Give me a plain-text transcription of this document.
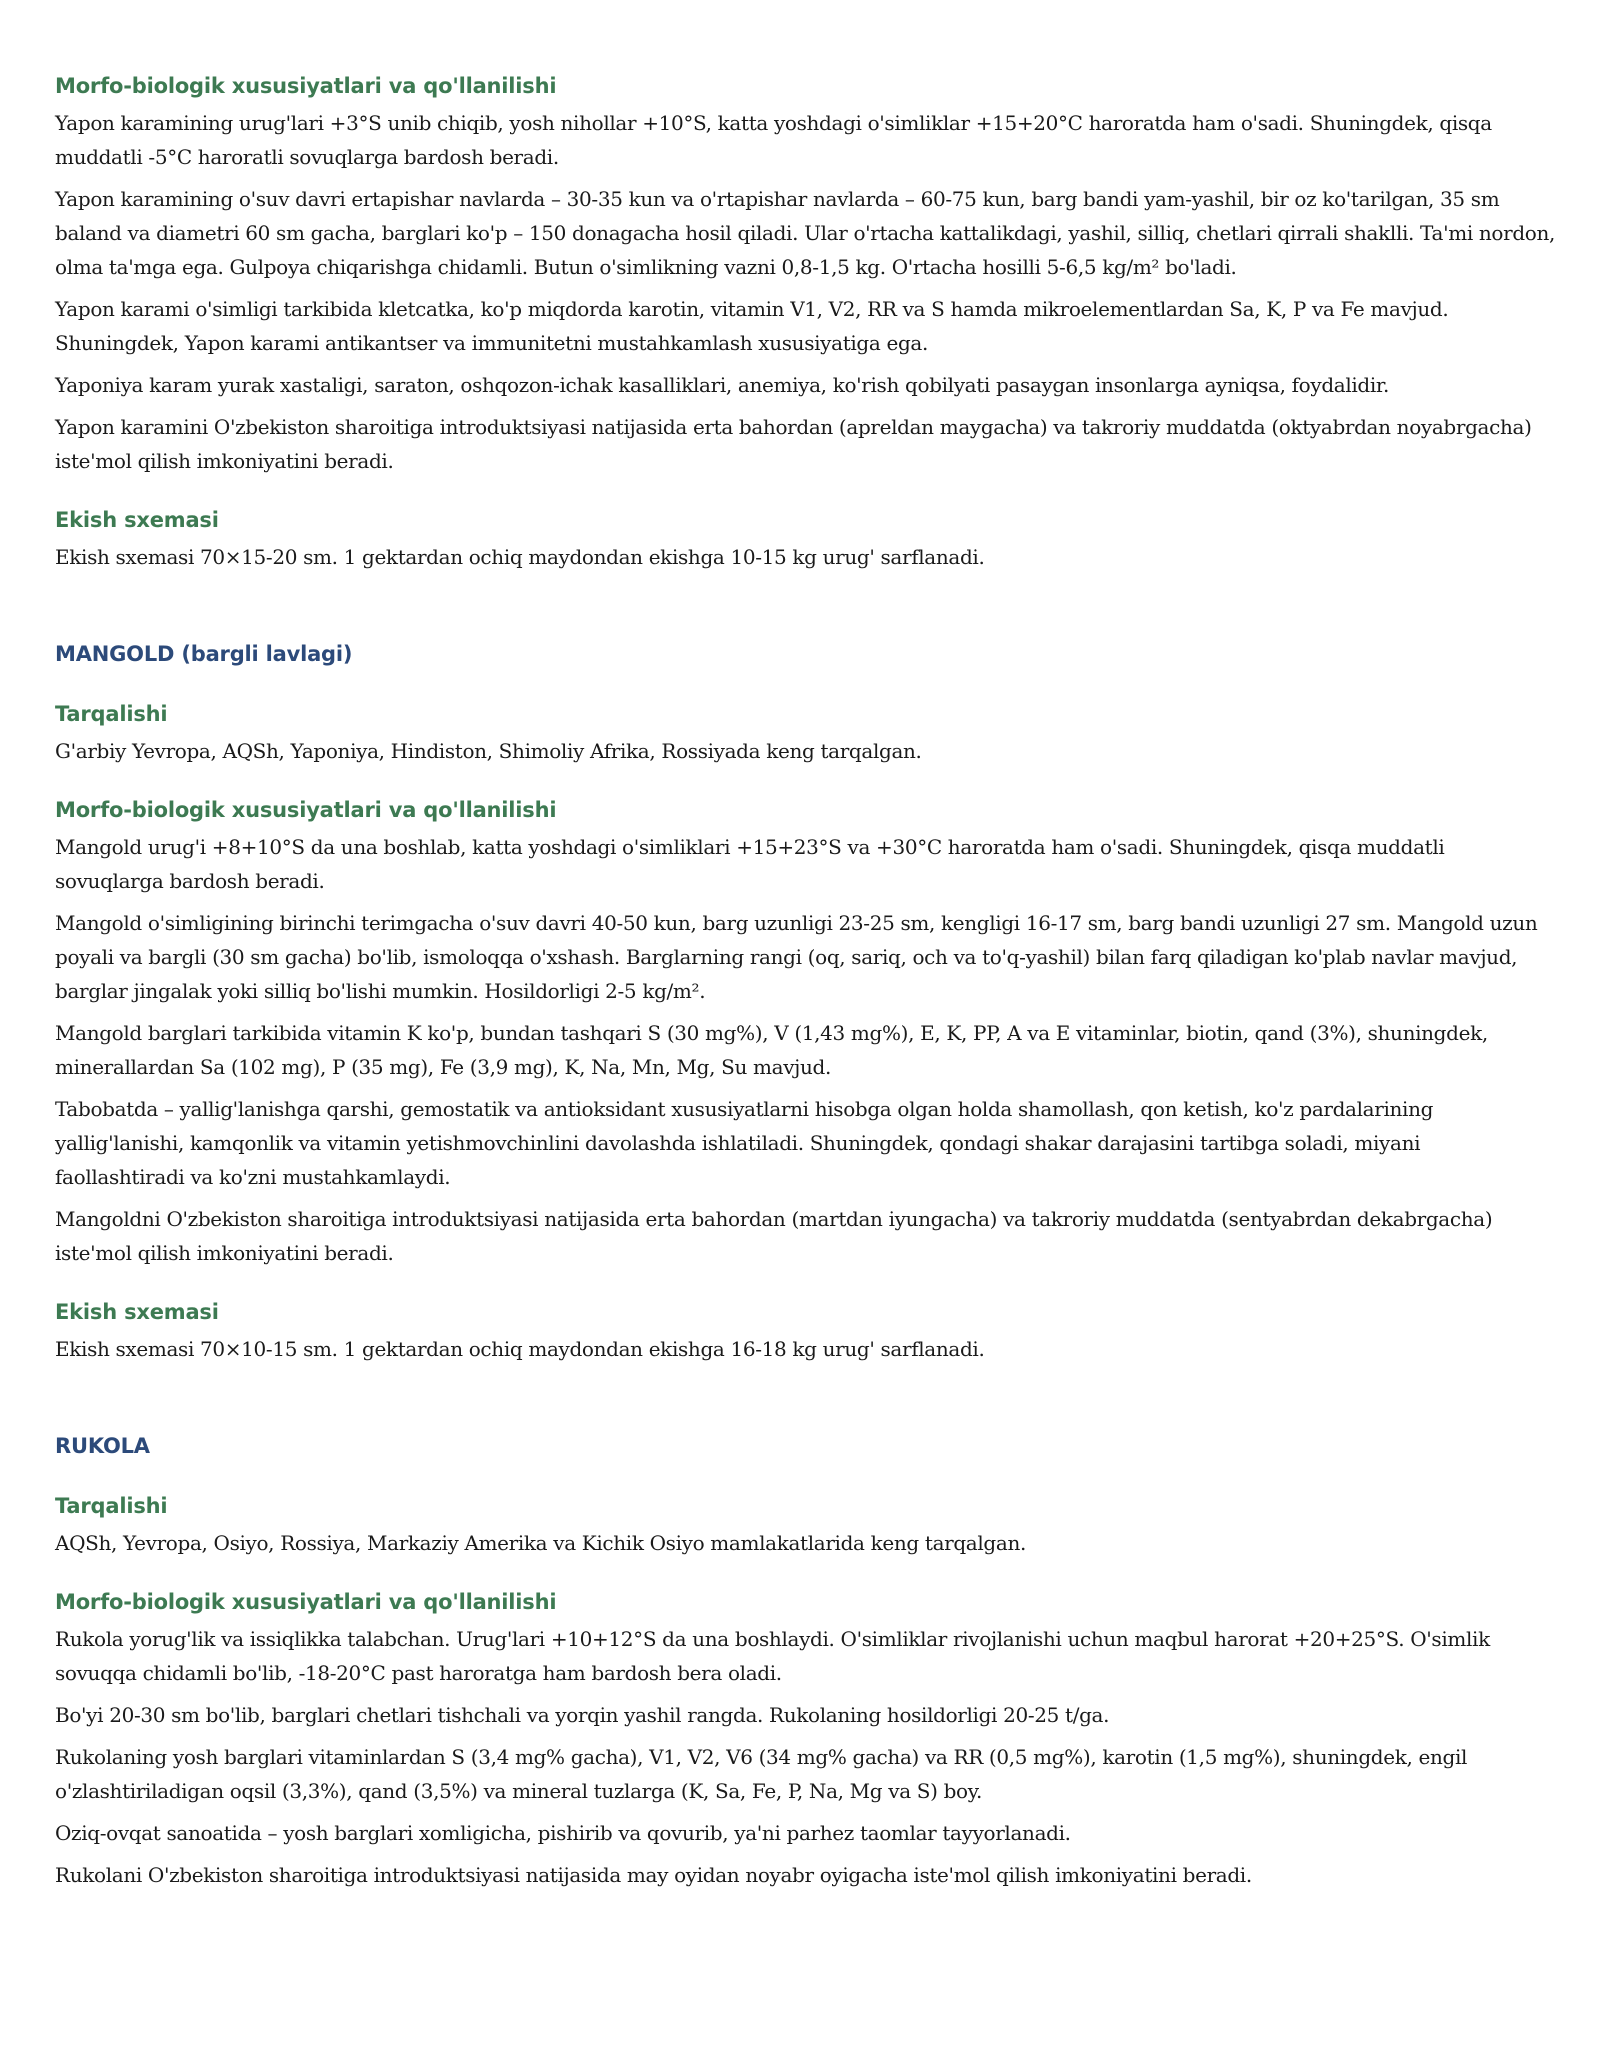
Morfo-biologik xususiyatlari va qo'llanilishi

Yapon karamining urug'lari +3°S unib chiqib, yosh nihollar +10°S, katta yoshdagi o'simliklar +15+20°C haroratda ham o'sadi. Shuningdek, qisqa muddatli -5°C haroratli sovuqlarga bardosh beradi.

Yapon karamining o'suv davri ertapishar navlarda – 30-35 kun va o'rtapishar navlarda – 60-75 kun, barg bandi yam-yashil, bir oz ko'tarilgan, 35 sm baland va diametri 60 sm gacha, barglari ko'p – 150 donagacha hosil qiladi. Ular o'rtacha kattalikdagi, yashil, silliq, chetlari qirrali shaklli. Ta'mi nordon, olma ta'mga ega. Gulpoya chiqarishga chidamli. Butun o'simlikning vazni 0,8-1,5 kg. O'rtacha hosilli 5-6,5 kg/m² bo'ladi.

Yapon karami o'simligi tarkibida kletcatka, ko'p miqdorda karotin, vitamin V1, V2, RR va S hamda mikroelementlardan Sa, K, P va Fe mavjud. Shuningdek, Yapon karami antikantser va immunitetni mustahkamlash xususiyatiga ega.

Yaponiya karam yurak xastaligi, saraton, oshqozon-ichak kasalliklari, anemiya, ko'rish qobilyati pasaygan insonlarga ayniqsa, foydalidir.

Yapon karamini O'zbekiston sharoitiga introduktsiyasi natijasida erta bahordan (apreldan maygacha) va takroriy muddatda (oktyabrdan noyabrgacha) iste'mol qilish imkoniyatini beradi.

Ekish sxemasi

Ekish sxemasi 70×15-20 sm. 1 gektardan ochiq maydondan ekishga 10-15 kg urug' sarflanadi.

MANGOLD (bargli lavlagi)
Tarqalishi

G'arbiy Yevropa, AQSh, Yaponiya, Hindiston, Shimoliy Afrika, Rossiyada keng tarqalgan.

Morfo-biologik xususiyatlari va qo'llanilishi

Mangold urug'i +8+10°S da una boshlab, katta yoshdagi o'simliklari +15+23°S va +30°C haroratda ham o'sadi. Shuningdek, qisqa muddatli sovuqlarga bardosh beradi.

Mangold o'simligining birinchi terimgacha o'suv davri 40-50 kun, barg uzunligi 23-25 sm, kengligi 16-17 sm, barg bandi uzunligi 27 sm. Mangold uzun poyali va bargli (30 sm gacha) bo'lib, ismoloqqa o'xshash. Barglarning rangi (oq, sariq, och va to'q-yashil) bilan farq qiladigan ko'plab navlar mavjud, barglar jingalak yoki silliq bo'lishi mumkin. Hosildorligi 2-5 kg/m².

Mangold barglari tarkibida vitamin K ko'p, bundan tashqari S (30 mg%), V (1,43 mg%), E, K, PP, A va E vitaminlar, biotin, qand (3%), shuningdek, minerallardan Sa (102 mg), P (35 mg), Fe (3,9 mg), K, Na, Mn, Mg, Su mavjud.

Tabobatda – yallig'lanishga qarshi, gemostatik va antioksidant xususiyatlarni hisobga olgan holda shamollash, qon ketish, ko'z pardalarining yallig'lanishi, kamqonlik va vitamin yetishmovchinlini davolashda ishlatiladi. Shuningdek, qondagi shakar darajasini tartibga soladi, miyani faollashtiradi va ko'zni mustahkamlaydi.

Mangoldni O'zbekiston sharoitiga introduktsiyasi natijasida erta bahordan (martdan iyungacha) va takroriy muddatda (sentyabrdan dekabrgacha) iste'mol qilish imkoniyatini beradi.

Ekish sxemasi

Ekish sxemasi 70×10-15 sm. 1 gektardan ochiq maydondan ekishga 16-18 kg urug' sarflanadi.

RUKOLA
Tarqalishi

AQSh, Yevropa, Osiyo, Rossiya, Markaziy Amerika va Kichik Osiyo mamlakatlarida keng tarqalgan.

Morfo-biologik xususiyatlari va qo'llanilishi

Rukola yorug'lik va issiqlikka talabchan. Urug'lari +10+12°S da una boshlaydi. O'simliklar rivojlanishi uchun maqbul harorat +20+25°S. O'simlik sovuqqa chidamli bo'lib, -18-20°C past haroratga ham bardosh bera oladi.

Bo'yi 20-30 sm bo'lib, barglari chetlari tishchali va yorqin yashil rangda. Rukolaning hosildorligi 20-25 t/ga.

Rukolaning yosh barglari vitaminlardan S (3,4 mg% gacha), V1, V2, V6 (34 mg% gacha) va RR (0,5 mg%), karotin (1,5 mg%), shuningdek, engil o'zlashtiriladigan oqsil (3,3%), qand (3,5%) va mineral tuzlarga (K, Sa, Fe, P, Na, Mg va S) boy.

Oziq-ovqat sanoatida – yosh barglari xomligicha, pishirib va qovurib, ya'ni parhez taomlar tayyorlanadi.

Rukolani O'zbekiston sharoitiga introduktsiyasi natijasida may oyidan noyabr oyigacha iste'mol qilish imkoniyatini beradi.
